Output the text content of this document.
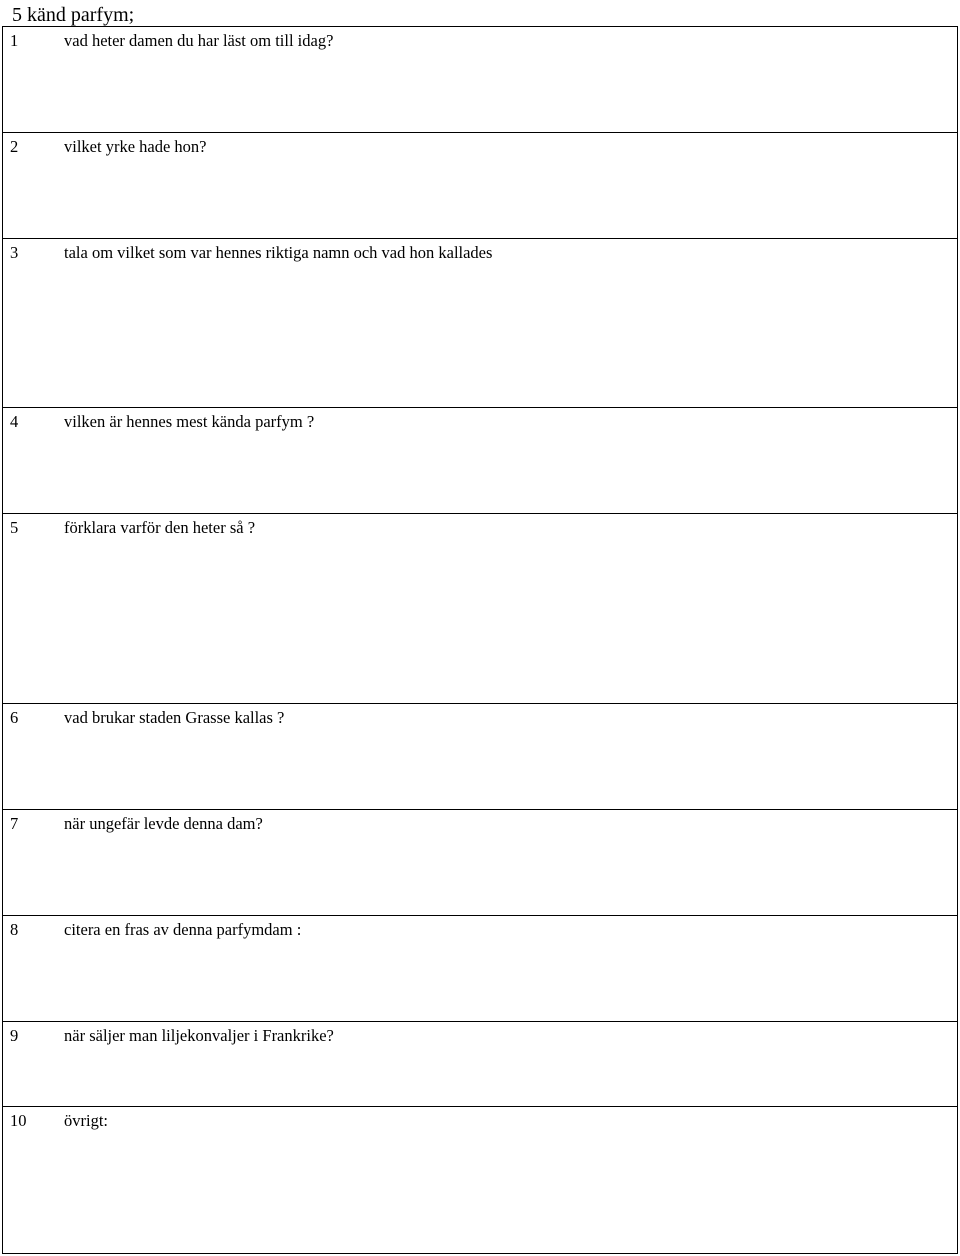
5 känd parfym;
1	vad heter damen du har läst om till idag?
2	vilket yrke hade hon?
3	tala om vilket som var hennes riktiga namn och vad hon kallades
4	vilken är hennes mest kända parfym ?
5	förklara varför den heter så ?
6	vad brukar staden Grasse kallas ?
7	när ungefär levde denna dam?
8	citera en fras av denna parfymdam :
9	när säljer man liljekonvaljer i Frankrike?
10 övrigt:
